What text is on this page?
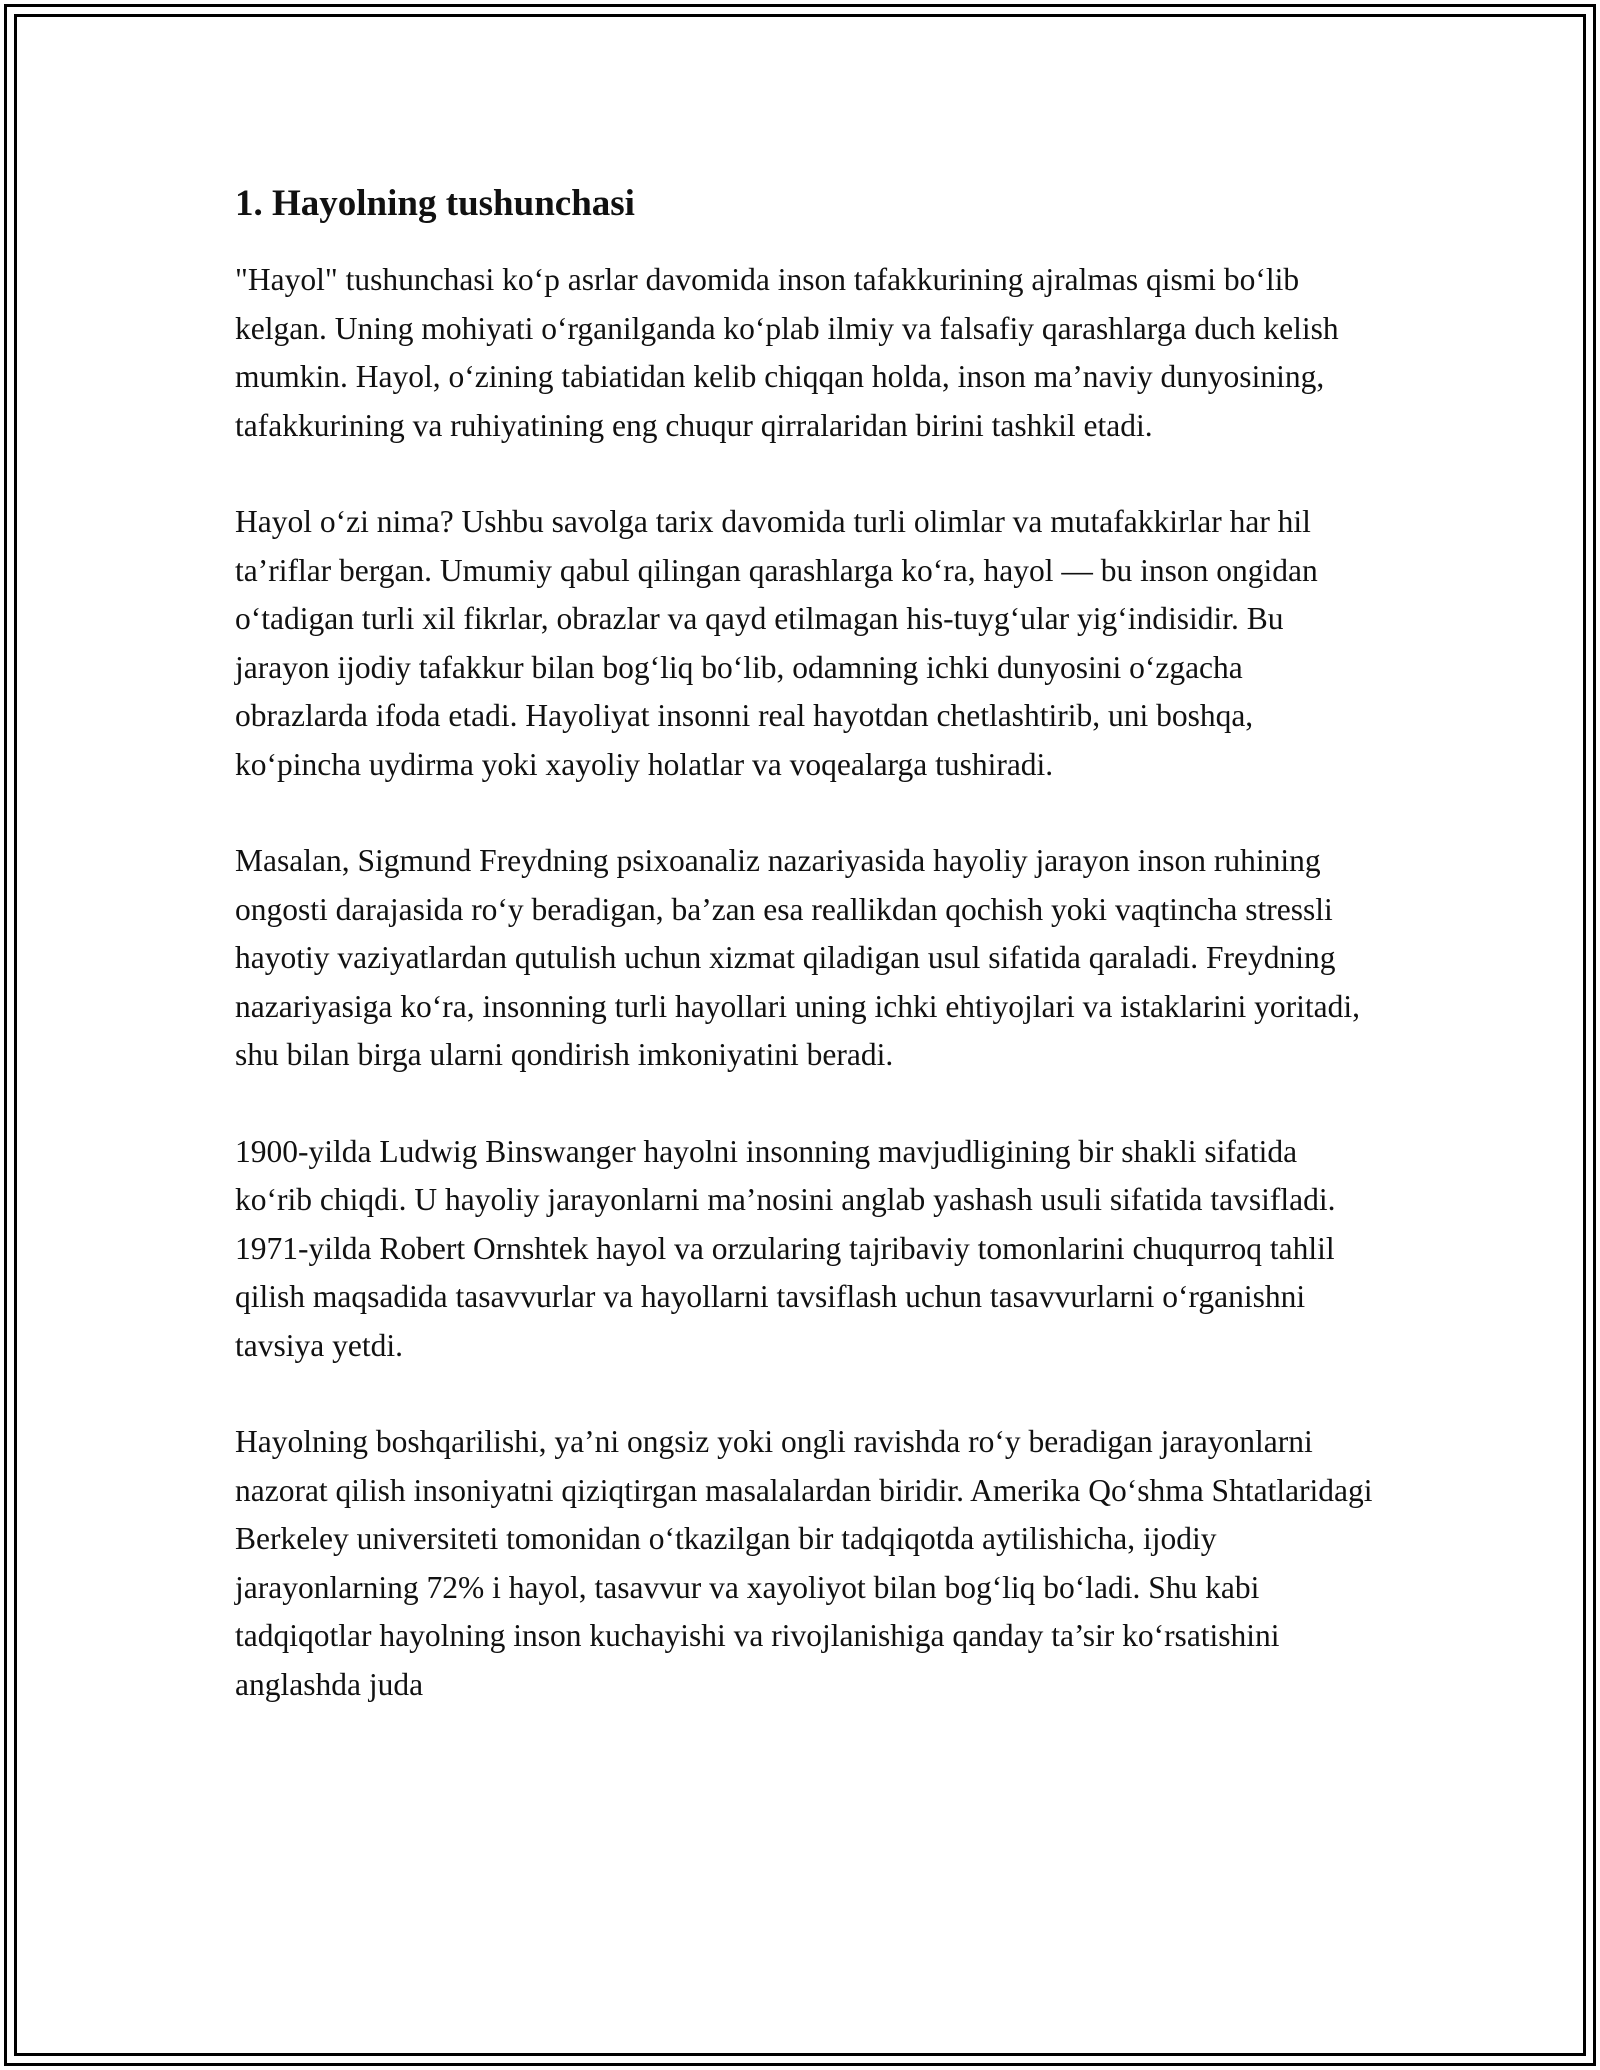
1. Hayolning tushunchasi

"Hayol" tushunchasi ko‘p asrlar davomida inson tafakkurining ajralmas qismi bo‘lib kelgan. Uning mohiyati o‘rganilganda ko‘plab ilmiy va falsafiy qarashlarga duch kelish mumkin. Hayol, o‘zining tabiatidan kelib chiqqan holda, inson ma’naviy dunyosining, tafakkurining va ruhiyatining eng chuqur qirralaridan birini tashkil etadi.

Hayol o‘zi nima? Ushbu savolga tarix davomida turli olimlar va mutafakkirlar har hil ta’riflar bergan. Umumiy qabul qilingan qarashlarga ko‘ra, hayol — bu inson ongidan o‘tadigan turli xil fikrlar, obrazlar va qayd etilmagan his-tuyg‘ular yig‘indisidir. Bu jarayon ijodiy tafakkur bilan bog‘liq bo‘lib, odamning ichki dunyosini o‘zgacha obrazlarda ifoda etadi. Hayoliyat insonni real hayotdan chetlashtirib, uni boshqa, ko‘pincha uydirma yoki xayoliy holatlar va voqealarga tushiradi.

Masalan, Sigmund Freydning psixoanaliz nazariyasida hayoliy jarayon inson ruhining ongosti darajasida ro‘y beradigan, ba’zan esa reallikdan qochish yoki vaqtincha stressli hayotiy vaziyatlardan qutulish uchun xizmat qiladigan usul sifatida qaraladi. Freydning nazariyasiga ko‘ra, insonning turli hayollari uning ichki ehtiyojlari va istaklarini yoritadi, shu bilan birga ularni qondirish imkoniyatini beradi.

1900-yilda Ludwig Binswanger hayolni insonning mavjudligining bir shakli sifatida ko‘rib chiqdi. U hayoliy jarayonlarni ma’nosini anglab yashash usuli sifatida tavsifladi. 1971-yilda Robert Ornshtek hayol va orzularing tajribaviy tomonlarini chuqurroq tahlil qilish maqsadida tasavvurlar va hayollarni tavsiflash uchun tasavvurlarni o‘rganishni tavsiya yetdi.

Hayolning boshqarilishi, ya’ni ongsiz yoki ongli ravishda ro‘y beradigan jarayonlarni nazorat qilish insoniyatni qiziqtirgan masalalardan biridir. Amerika Qo‘shma Shtatlaridagi Berkeley universiteti tomonidan o‘tkazilgan bir tadqiqotda aytilishicha, ijodiy jarayonlarning 72% i hayol, tasavvur va xayoliyot bilan bog‘liq bo‘ladi. Shu kabi tadqiqotlar hayolning inson kuchayishi va rivojlanishiga qanday ta’sir ko‘rsatishini anglashda juda
